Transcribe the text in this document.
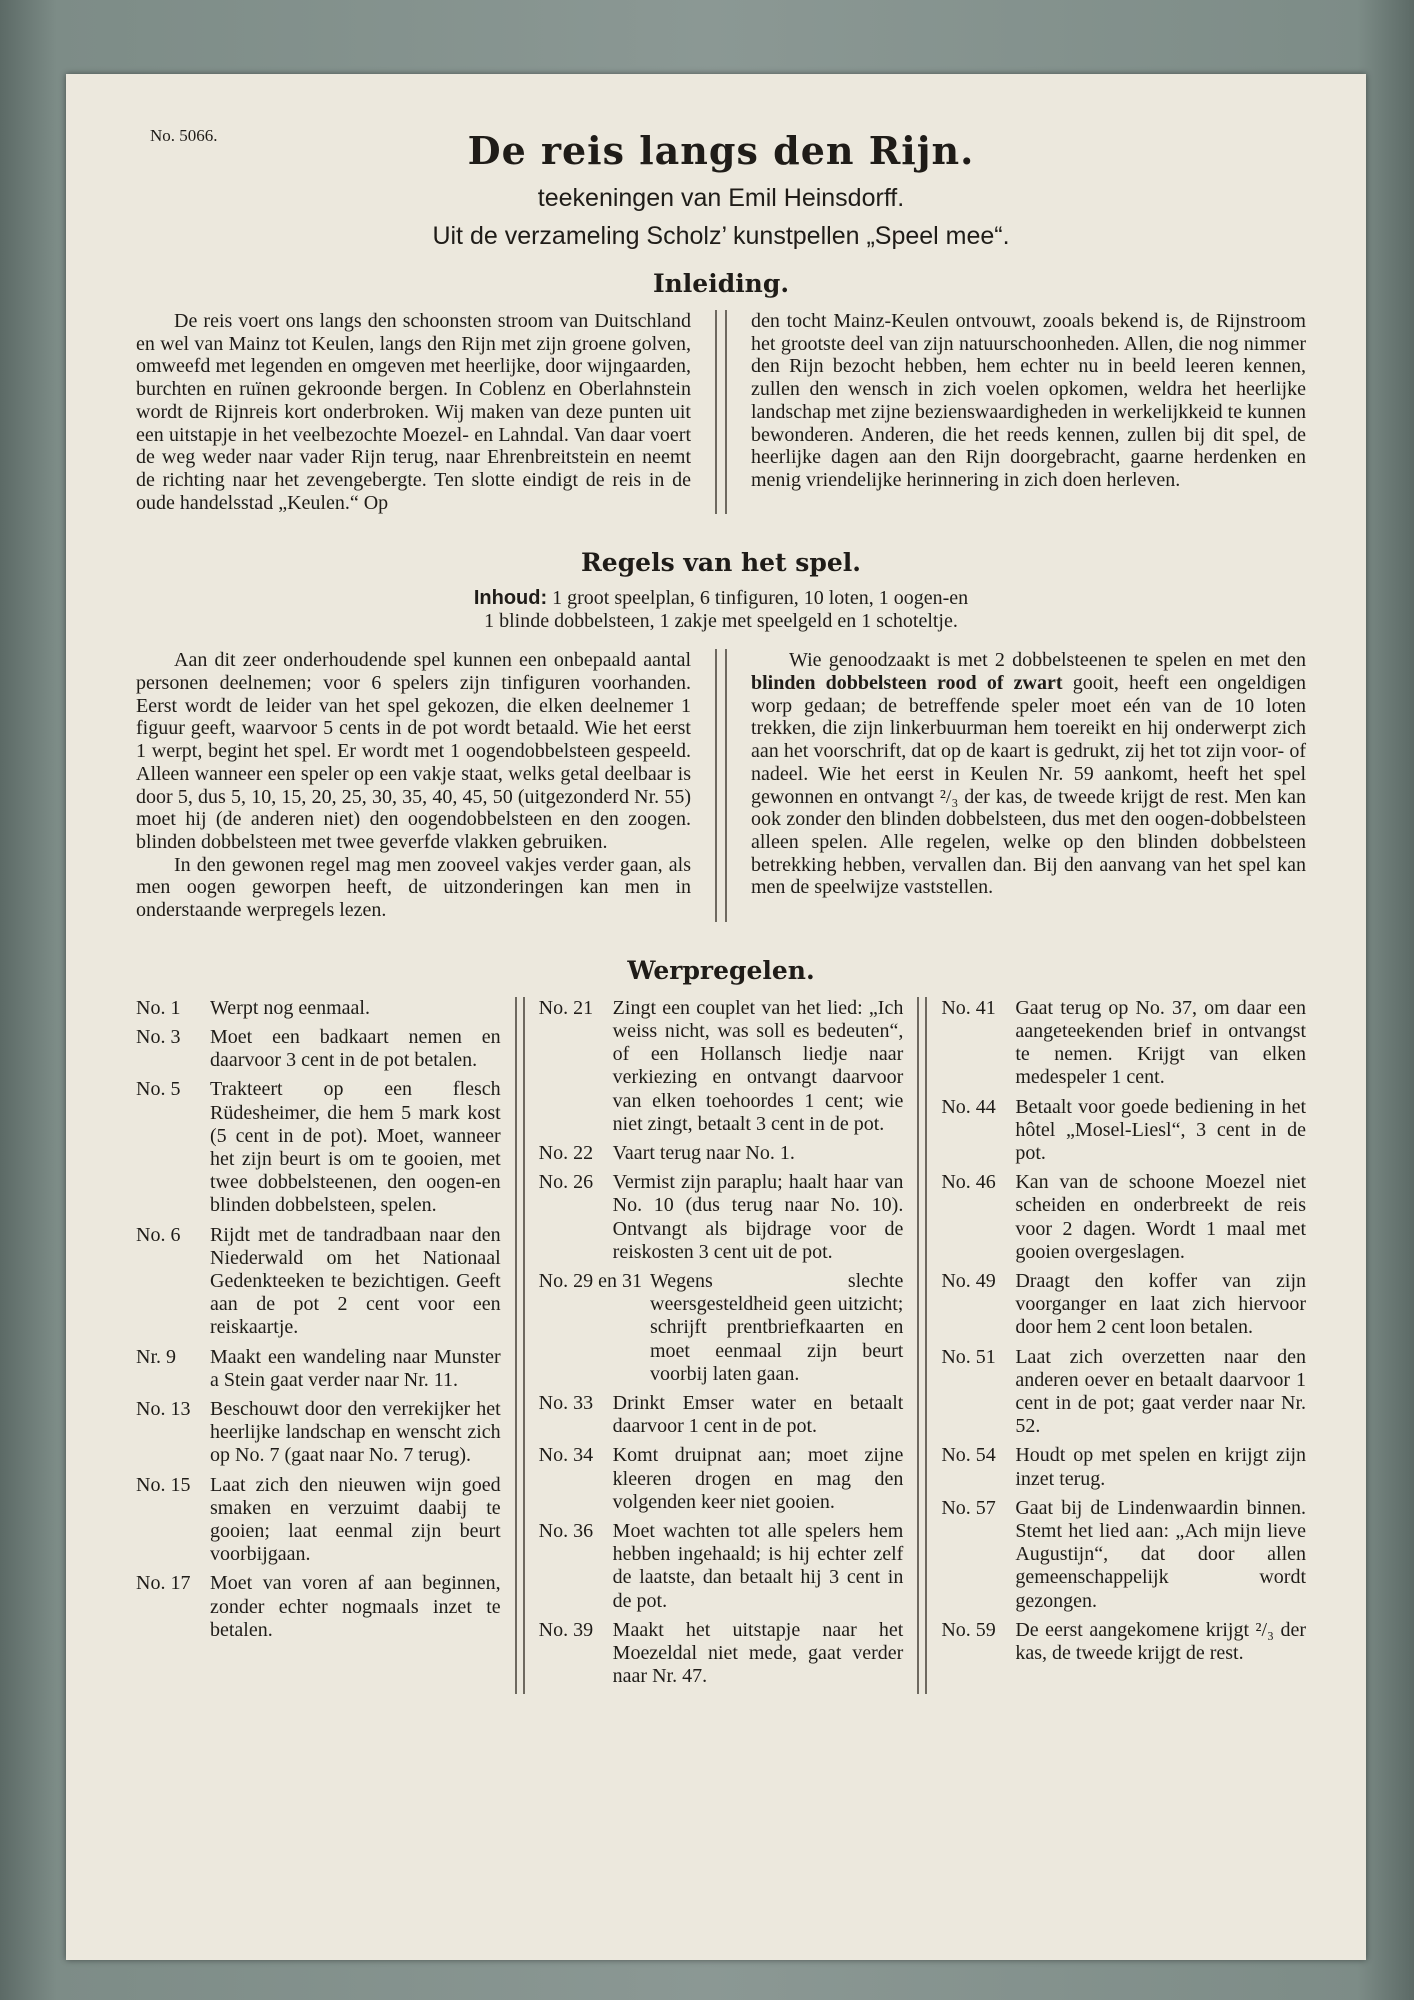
No. 5066.	De reis langs den Rijn.
teekeningen van Emil Heinsdorff.
Uit de verzameling Scholz’ kunstpellen „Speel mee“.
Inleiding.

De reis voert ons langs den schoonsten stroom van Duitschland en wel van Mainz tot Keulen, langs den Rijn met zijn groene golven, omweefd met legenden en omgeven met heerlijke, door wijngaarden, burchten en ruïnen gekroonde bergen. In Coblenz en Oberlahnstein wordt de Rijnreis kort onderbroken. Wij maken van deze punten uit een uitstapje in het veelbezochte Moezel- en Lahndal. Van daar voert de weg weder naar vader Rijn terug, naar Ehrenbreitstein en neemt de richting naar het zevengebergte. Ten slotte eindigt de reis in de oude handelsstad „Keulen.“ Op

den tocht Mainz-Keulen ontvouwt, zooals bekend is, de Rijnstroom het grootste deel van zijn natuurschoonheden. Allen, die nog nimmer den Rijn bezocht hebben, hem echter nu in beeld leeren kennen, zullen den wensch in zich voelen opkomen, weldra het heerlijke landschap met zijne bezienswaardigheden in werkelijkkeid te kunnen bewonderen. Anderen, die het reeds kennen, zullen bij dit spel, de heerlijke dagen aan den Rijn doorgebracht, gaarne herdenken en menig vriendelijke herinnering in zich doen herleven.

Regels van het spel.
Inhoud: 1 groot speelplan, 6 tinfiguren, 10 loten, 1 oogen-en
1 blinde dobbelsteen, 1 zakje met speelgeld en 1 schoteltje.

Aan dit zeer onderhoudende spel kunnen een onbepaald aantal personen deelnemen; voor 6 spelers zijn tinfiguren voorhanden. Eerst wordt de leider van het spel gekozen, die elken deelnemer 1 figuur geeft, waarvoor 5 cents in de pot wordt betaald. Wie het eerst 1 werpt, begint het spel. Er wordt met 1 oogendobbelsteen gespeeld. Alleen wanneer een speler op een vakje staat, welks getal deelbaar is door 5, dus 5, 10, 15, 20, 25, 30, 35, 40, 45, 50 (uitgezonderd Nr. 55) moet hij (de anderen niet) den oogendobbelsteen en den zoogen. blinden dobbelsteen met twee geverfde vlakken gebruiken.

In den gewonen regel mag men zooveel vakjes verder gaan, als men oogen geworpen heeft, de uitzonderingen kan men in onderstaande werpregels lezen.

Wie genoodzaakt is met 2 dobbelsteenen te spelen en met den blinden dobbelsteen rood of zwart gooit, heeft een ongeldigen worp gedaan; de betreffende speler moet eén van de 10 loten trekken, die zijn linkerbuurman hem toereikt en hij onderwerpt zich aan het voorschrift, dat op de kaart is gedrukt, zij het tot zijn voor- of nadeel. Wie het eerst in Keulen Nr. 59 aankomt, heeft het spel gewonnen en ontvangt ²/₃ der kas, de tweede krijgt de rest. Men kan ook zonder den blinden dobbelsteen, dus met den oogen-dobbelsteen alleen spelen. Alle regelen, welke op den blinden dobbelsteen betrekking hebben, vervallen dan. Bij den aanvang van het spel kan men de speelwijze vaststellen.

Werpregelen.
No. 1	Werpt nog eenmaal.
No. 3	Moet een badkaart nemen en daarvoor 3 cent in de pot betalen.
No. 5	Trakteert op een flesch Rüdesheimer, die hem 5 mark kost (5 cent in de pot). Moet, wanneer het zijn beurt is om te gooien, met twee dobbelsteenen, den oogen-en blinden dobbelsteen, spelen.
No. 6	Rijdt met de tandradbaan naar den Niederwald om het Nationaal Gedenkteeken te bezichtigen. Geeft aan de pot 2 cent voor een reiskaartje.
Nr. 9	Maakt een wandeling naar Munster a Stein gaat verder naar Nr. 11.
No. 13 Beschouwt door den verrekijker het heerlijke landschap en wenscht zich op No. 7 (gaat naar No. 7 terug).
No. 15 Laat zich den nieuwen wijn goed smaken en verzuimt daabij te gooien; laat eenmal zijn beurt voorbijgaan.
No. 17 Moet van voren af aan beginnen, zonder echter nogmaals inzet te betalen.
No. 21 Zingt een couplet van het lied: „Ich weiss nicht, was soll es bedeuten“, of een Hollansch liedje naar verkiezing en ontvangt daarvoor van elken toehoordes 1 cent; wie niet zingt, betaalt 3 cent in de pot.
No. 22 Vaart terug naar No. 1.
No. 26 Vermist zijn paraplu; haalt haar van No. 10 (dus terug naar No. 10). Ontvangt als bijdrage voor de reiskosten 3 cent uit de pot.
No. 29 en 31 Wegens slechte weersgesteldheid geen uitzicht; schrijft prentbriefkaarten en moet eenmaal zijn beurt voorbij laten gaan.
No. 33 Drinkt Emser water en betaalt daarvoor 1 cent in de pot.
No. 34 Komt druipnat aan; moet zijne kleeren drogen en mag den volgenden keer niet gooien.
No. 36 Moet wachten tot alle spelers hem hebben ingehaald; is hij echter zelf de laatste, dan betaalt hij 3 cent in de pot.
No. 39 Maakt het uitstapje naar het Moezeldal niet mede, gaat verder naar Nr. 47.
No. 41 Gaat terug op No. 37, om daar een aangeteekenden brief in ontvangst te nemen. Krijgt van elken medespeler 1 cent.
No. 44 Betaalt voor goede bediening in het hôtel „Mosel-Liesl“, 3 cent in de pot.
No. 46 Kan van de schoone Moezel niet scheiden en onderbreekt de reis voor 2 dagen. Wordt 1 maal met gooien overgeslagen.
No. 49 Draagt den koffer van zijn voorganger en laat zich hiervoor door hem 2 cent loon betalen.
No. 51 Laat zich overzetten naar den anderen oever en betaalt daarvoor 1 cent in de pot; gaat verder naar Nr. 52.
No. 54 Houdt op met spelen en krijgt zijn inzet terug.
No. 57 Gaat bij de Lindenwaardin binnen. Stemt het lied aan: „Ach mijn lieve Augustijn“, dat door allen gemeenschappelijk wordt gezongen.
No. 59 De eerst aangekomene krijgt ²/₃ der kas, de tweede krijgt de rest.
